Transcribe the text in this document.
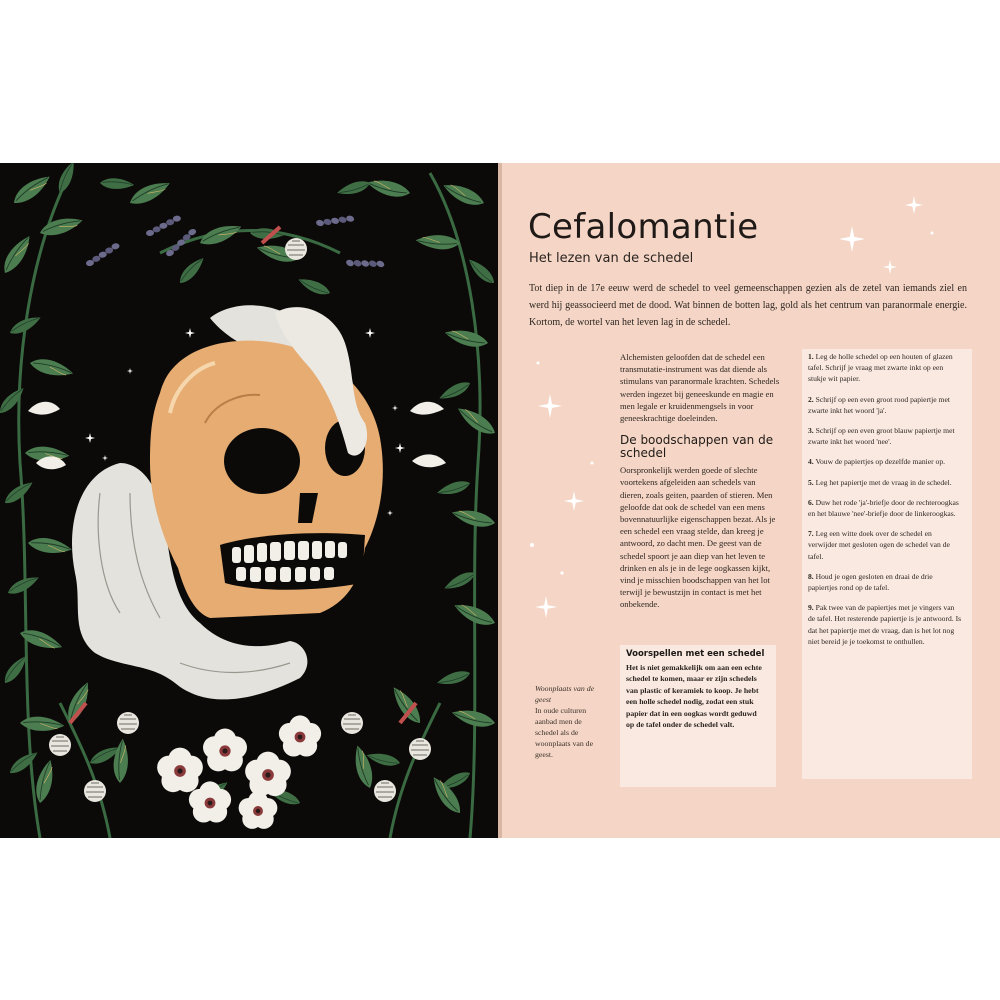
Cefalomantie
Het lezen van de schedel

Tot diep in de 17e eeuw werd de schedel to veel gemeenschappen gezien als de zetel van iemands ziel en werd hij geassocieerd met de dood. Wat binnen de botten lag, gold als het centrum van paranormale energie. Kortom, de wortel van het leven lag in de schedel.

Alchemisten geloofden dat de schedel een transmutatie-instrument was dat diende als stimulans van paranormale krachten. Schedels werden ingezet bij geneeskunde en magie en men legale er kruidenmengsels in voor geneeskrachtige doeleinden.

De boodschappen van de schedel

Oorspronkelijk werden goede of slechte voortekens afgeleiden aan schedels van dieren, zoals geiten, paarden of stieren. Men geloofde dat ook de schedel van een mens bovennatuurlijke eigenschappen bezat. Als je een schedel een vraag stelde, dan kreeg je antwoord, zo dacht men. De geest van de schedel spoort je aan diep van het leven te drinken en als je in de lege oogkassen kijkt, vind je misschien boodschappen van het lot terwijl je bewustzijn in contact is met het onbekende.

Voorspellen met een schedel

Het is niet gemakkelijk om aan een echte schedel te komen, maar er zijn schedels van plastic of keramiek to koop. Je hebt een holle schedel nodig, zodat een stuk papier dat in een oogkas wordt geduwd op de tafel onder de schedel valt.

1. Leg de holle schedel op een houten of glazen tafel. Schrijf je vraag met zwarte inkt op een stukje wit papier.

2. Schrijf op een even groot rood papiertje met zwarte inkt het woord 'ja'.

3. Schrijf op een even groot blauw papiertje met zwarte inkt het woord 'nee'.

4. Vouw de papiertjes op dezelfde manier op.

5. Leg het papiertje met de vraag in de schedel.

6. Duw het rode 'ja'-briefje door de rechteroogkas en het blauwe 'nee'-briefje door de linkeroogkas.

7. Leg een witte doek over de schedel en verwijder met gesloten ogen de schedel van de tafel.

8. Houd je ogen gesloten en draai de drie papiertjes rond op de tafel.

9. Pak twee van de papiertjes met je vingers van de tafel. Het resterende papiertje is je antwoord. Is dat het papiertje met de vraag, dan is het lot nog niet bereid je je toekomst te onthullen.

Woonplaats van de geest

In oude culturen aanbad men de schedel als de woonplaats van de geest.
